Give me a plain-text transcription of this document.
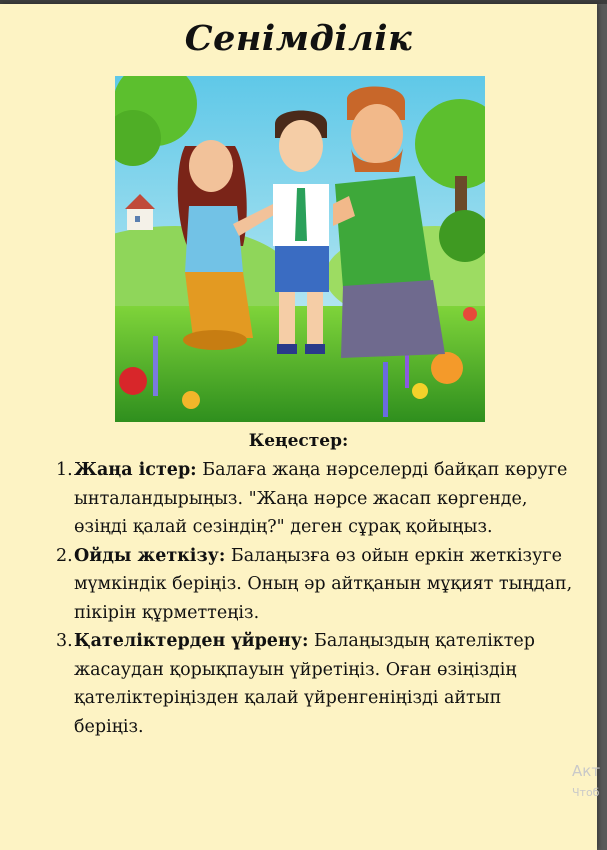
Сенімділік
Кеңестер:
1. Жаңа істер: Балаға жаңа нәрселерді байқап көруге ынталандырыңыз. "Жаңа нәрсе жасап көргенде, өзіңді қалай сезіндің?" деген сұрақ қойыңыз.
2. Ойды жеткізу: Балаңызға өз ойын еркін жеткізуге мүмкіндік беріңіз. Оның әр айтқанын мұқият тыңдап, пікірін құрметтеңіз.
3. Қателіктерден үйрену: Балаңыздың қателіктер жасаудан қорықпауын үйретіңіз. Оған өзіңіздің қателіктеріңізден қалай үйренгеніңізді айтып беріңіз.
Акт
Чтоб
